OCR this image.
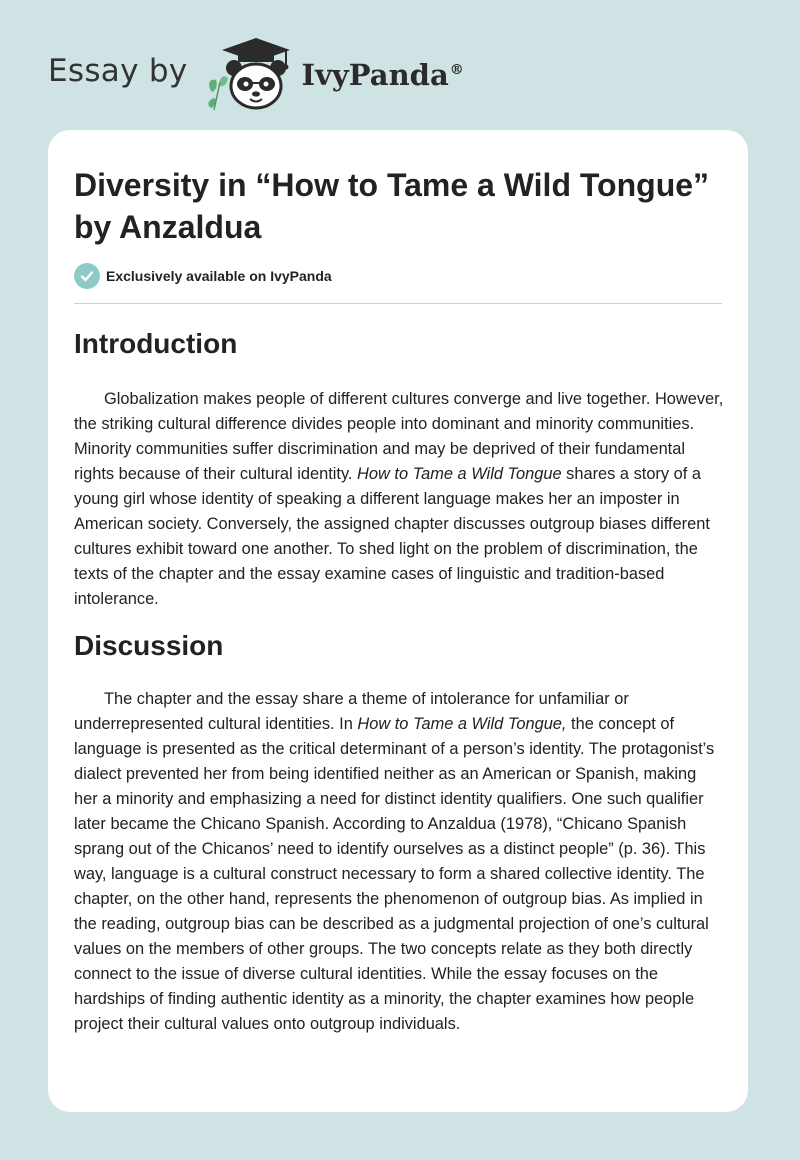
Essay by	IvyPanda®
Diversity in “How to Tame a Wild Tongue” by Anzaldua
Exclusively available on IvyPanda
Introduction

Globalization makes people of different cultures converge and live together. However, the striking cultural difference divides people into dominant and minority communities. Minority communities suffer discrimination and may be deprived of their fundamental rights because of their cultural identity. How to Tame a Wild Tongue shares a story of a young girl whose identity of speaking a different language makes her an imposter in American society. Conversely, the assigned chapter discusses outgroup biases different cultures exhibit toward one another. To shed light on the problem of discrimination, the texts of the chapter and the essay examine cases of linguistic and tradition-based intolerance.

Discussion

The chapter and the essay share a theme of intolerance for unfamiliar or underrepresented cultural identities. In How to Tame a Wild Tongue, the concept of language is presented as the critical determinant of a person’s identity. The protagonist’s dialect prevented her from being identified neither as an American or Spanish, making her a minority and emphasizing a need for distinct identity qualifiers. One such qualifier later became the Chicano Spanish. According to Anzaldua (1978), “Chicano Spanish sprang out of the Chicanos’ need to identify ourselves as a distinct people” (p. 36). This way, language is a cultural construct necessary to form a shared collective identity. The chapter, on the other hand, represents the phenomenon of outgroup bias. As implied in the reading, outgroup bias can be described as a judgmental projection of one’s cultural values on the members of other groups. The two concepts relate as they both directly connect to the issue of diverse cultural identities. While the essay focuses on the hardships of finding authentic identity as a minority, the chapter examines how people project their cultural values onto outgroup individuals.
